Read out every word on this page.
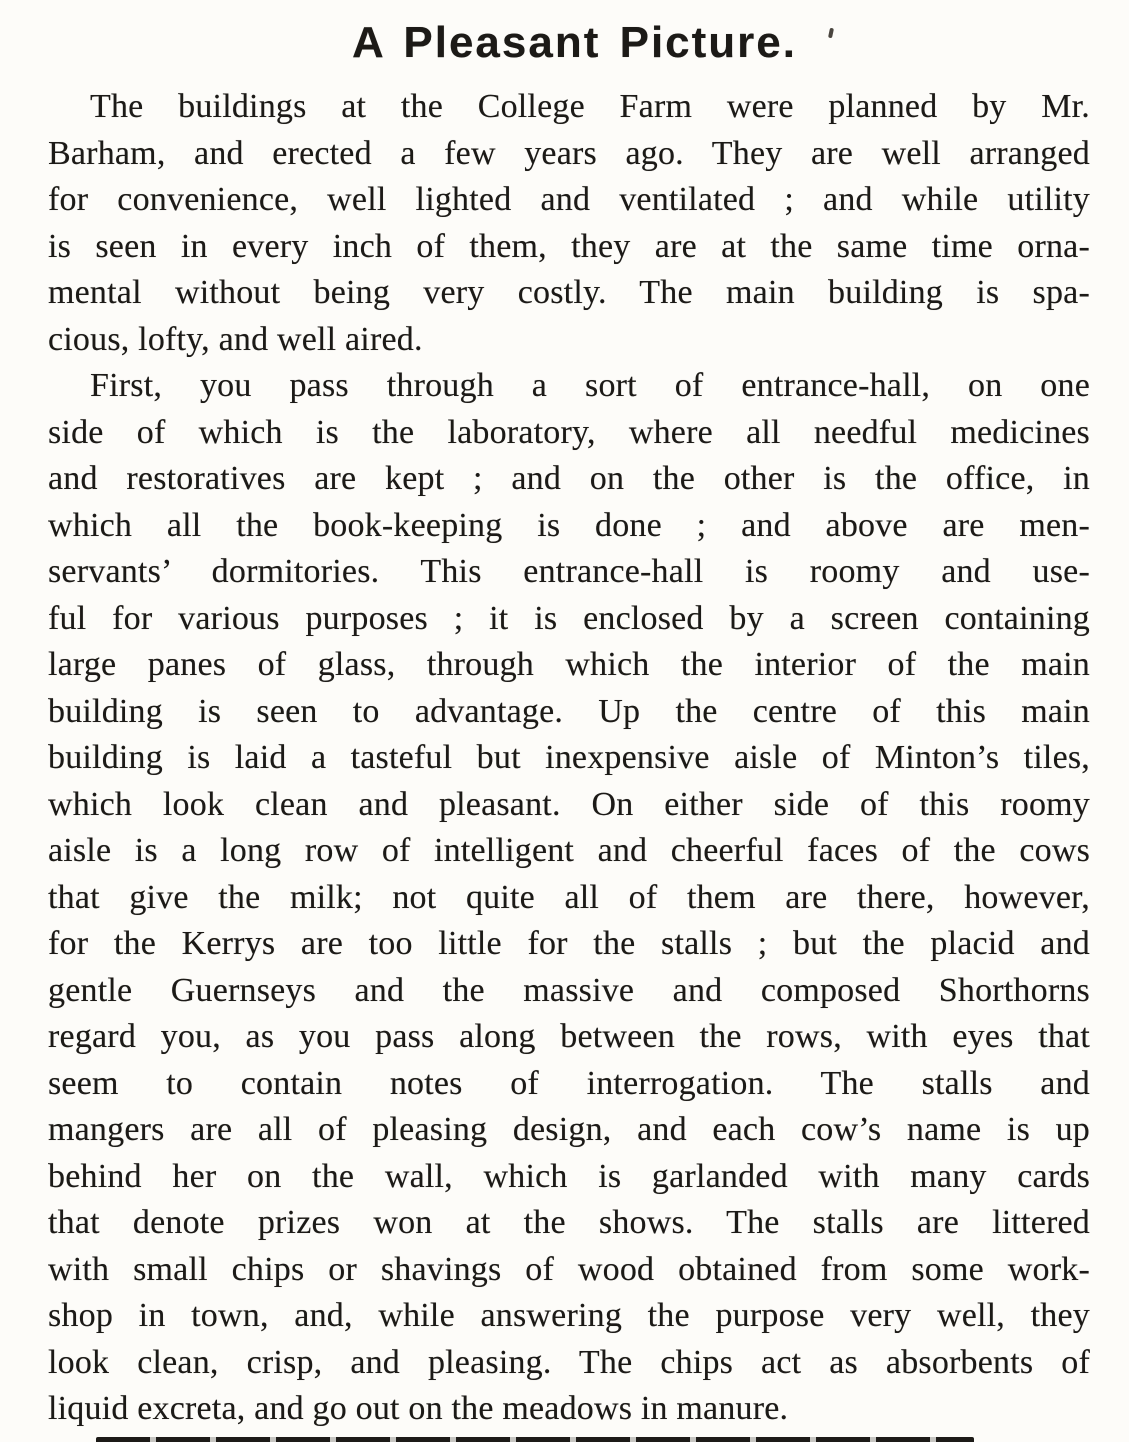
A Pleasant Picture.
The buildings at the College Farm were planned by Mr.
Barham, and erected a few years ago. They are well arranged
for convenience, well lighted and ventilated ; and while utility
is seen in every inch of them, they are at the same time orna-
mental without being very costly. The main building is spa-
cious, lofty, and well aired.
First, you pass through a sort of entrance-hall, on one
side of which is the laboratory, where all needful medicines
and restoratives are kept ; and on the other is the office, in
which all the book-keeping is done ; and above are men-
servants’ dormitories. This entrance-hall is roomy and use-
ful for various purposes ; it is enclosed by a screen containing
large panes of glass, through which the interior of the main
building is seen to advantage. Up the centre of this main
building is laid a tasteful but inexpensive aisle of Minton’s tiles,
which look clean and pleasant. On either side of this roomy
aisle is a long row of intelligent and cheerful faces of the cows
that give the milk; not quite all of them are there, however,
for the Kerrys are too little for the stalls ; but the placid and
gentle Guernseys and the massive and composed Shorthorns
regard you, as you pass along between the rows, with eyes that
seem to contain notes of interrogation. The stalls and
mangers are all of pleasing design, and each cow’s name is up
behind her on the wall, which is garlanded with many cards
that denote prizes won at the shows. The stalls are littered
with small chips or shavings of wood obtained from some work-
shop in town, and, while answering the purpose very well, they
look clean, crisp, and pleasing. The chips act as absorbents of
liquid excreta, and go out on the meadows in manure.
